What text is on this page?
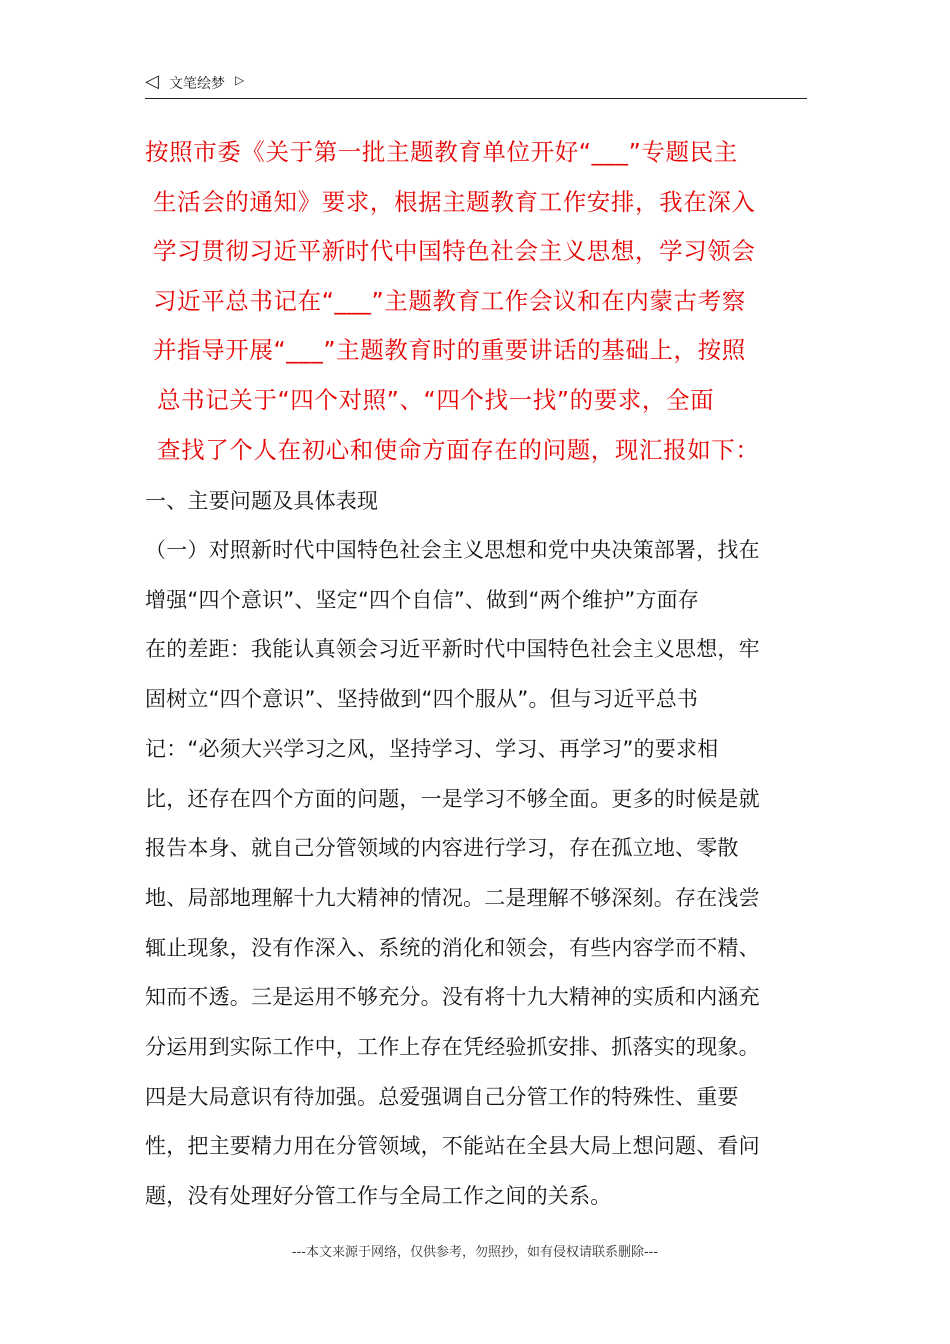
◁ 文笔绘梦 ▷
按照市委《关于第一批主题教育单位开好“___”专题民主
生活会的通知》要求，根据主题教育工作安排，我在深入
学习贯彻习近平新时代中国特色社会主义思想，学习领会
习近平总书记在“___”主题教育工作会议和在内蒙古考察
并指导开展“___”主题教育时的重要讲话的基础上，按照
总书记关于“四个对照”、“四个找一找”的要求，全面
查找了个人在初心和使命方面存在的问题，现汇报如下：
一、主要问题及具体表现
（一）对照新时代中国特色社会主义思想和党中央决策部署，找在
增强“四个意识”、坚定“四个自信”、做到“两个维护”方面存
在的差距：我能认真领会习近平新时代中国特色社会主义思想，牢
固树立“四个意识”、坚持做到“四个服从”。但与习近平总书
记：“必须大兴学习之风，坚持学习、学习、再学习”的要求相
比，还存在四个方面的问题，一是学习不够全面。更多的时候是就
报告本身、就自己分管领域的内容进行学习，存在孤立地、零散
地、局部地理解十九大精神的情况。二是理解不够深刻。存在浅尝
辄止现象，没有作深入、系统的消化和领会，有些内容学而不精、
知而不透。三是运用不够充分。没有将十九大精神的实质和内涵充
分运用到实际工作中，工作上存在凭经验抓安排、抓落实的现象。
四是大局意识有待加强。总爱强调自己分管工作的特殊性、重要
性，把主要精力用在分管领域，不能站在全县大局上想问题、看问
题，没有处理好分管工作与全局工作之间的关系。
---本文来源于网络，仅供参考，勿照抄，如有侵权请联系删除---
